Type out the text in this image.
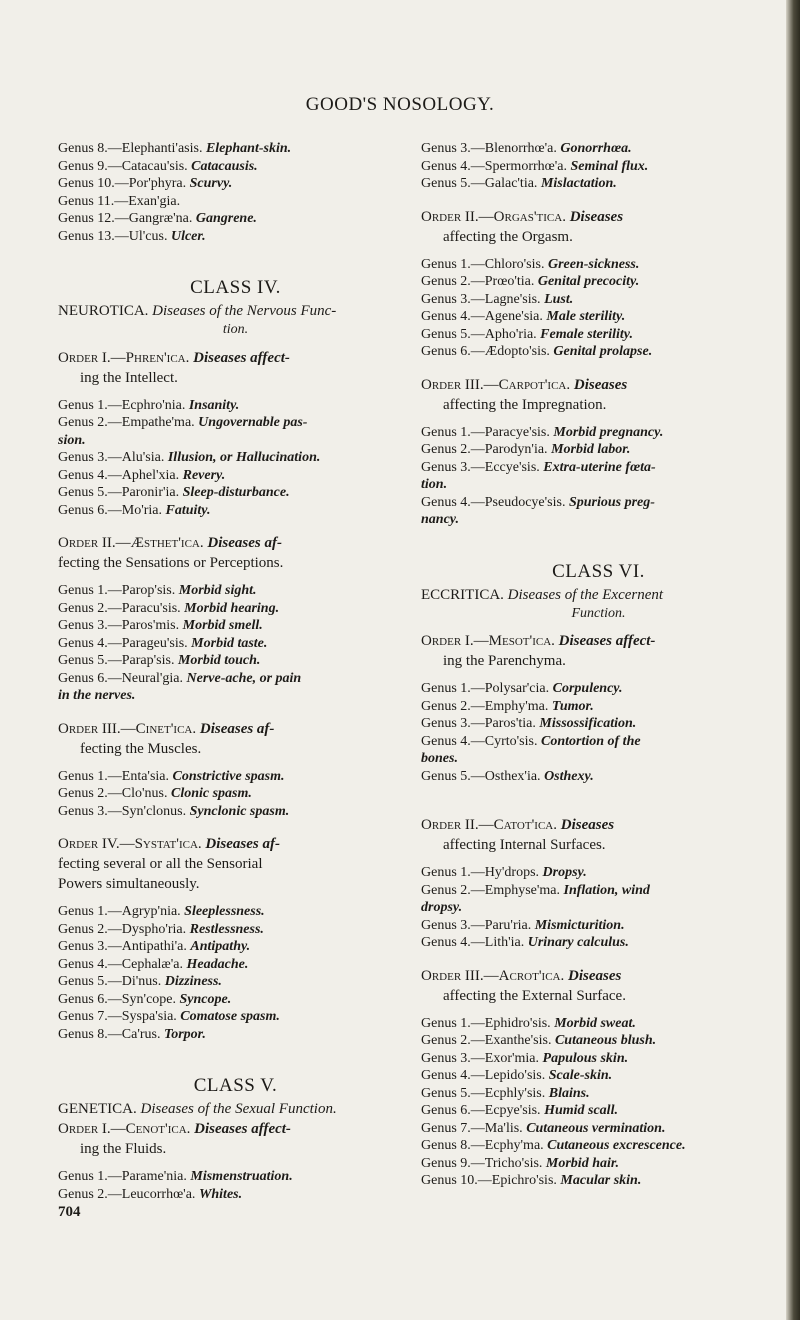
GOOD'S NOSOLOGY.
Genus 8.—Elephanti'asis. Elephant-skin.
Genus 9.—Catacau'sis. Catacausis.
Genus 10.—Por'phyra. Scurvy.
Genus 11.—Exan'gia.
Genus 12.—Gangræ'na. Gangrene.
Genus 13.—Ul'cus. Ulcer.
CLASS IV.
NEUROTICA. Diseases of the Nervous Func-
tion.
Order I.—Phren'ica. Diseases affect-
ing the Intellect.
Genus 1.—Ecphro'nia. Insanity.
Genus 2.—Empathe'ma. Ungovernable pas-
sion.
Genus 3.—Alu'sia. Illusion, or Hallucination.
Genus 4.—Aphel'xia. Revery.
Genus 5.—Paronir'ia. Sleep-disturbance.
Genus 6.—Mo'ria. Fatuity.
Order II.—Æsthet'ica. Diseases af-
fecting the Sensations or Perceptions.
Genus 1.—Parop'sis. Morbid sight.
Genus 2.—Paracu'sis. Morbid hearing.
Genus 3.—Paros'mis. Morbid smell.
Genus 4.—Parageu'sis. Morbid taste.
Genus 5.—Parap'sis. Morbid touch.
Genus 6.—Neural'gia. Nerve-ache, or pain
in the nerves.
Order III.—Cinet'ica. Diseases af-
fecting the Muscles.
Genus 1.—Enta'sia. Constrictive spasm.
Genus 2.—Clo'nus. Clonic spasm.
Genus 3.—Syn'clonus. Synclonic spasm.
Order IV.—Systat'ica. Diseases af-
fecting several or all the Sensorial
Powers simultaneously.
Genus 1.—Agryp'nia. Sleeplessness.
Genus 2.—Dyspho'ria. Restlessness.
Genus 3.—Antipathi'a. Antipathy.
Genus 4.—Cephalæ'a. Headache.
Genus 5.—Di'nus. Dizziness.
Genus 6.—Syn'cope. Syncope.
Genus 7.—Syspa'sia. Comatose spasm.
Genus 8.—Ca'rus. Torpor.
CLASS V.
GENETICA. Diseases of the Sexual Function.
Order I.—Cenot'ica. Diseases affect-
ing the Fluids.
Genus 1.—Parame'nia. Mismenstruation.
Genus 2.—Leucorrhœ'a. Whites.
704
Genus 3.—Blenorrhœ'a. Gonorrhœa.
Genus 4.—Spermorrhœ'a. Seminal flux.
Genus 5.—Galac'tia. Mislactation.
Order II.—Orgas'tica. Diseases
affecting the Orgasm.
Genus 1.—Chloro'sis. Green-sickness.
Genus 2.—Prœo'tia. Genital precocity.
Genus 3.—Lagne'sis. Lust.
Genus 4.—Agene'sia. Male sterility.
Genus 5.—Apho'ria. Female sterility.
Genus 6.—Ædopto'sis. Genital prolapse.
Order III.—Carpot'ica. Diseases
affecting the Impregnation.
Genus 1.—Paracye'sis. Morbid pregnancy.
Genus 2.—Parodyn'ia. Morbid labor.
Genus 3.—Eccye'sis. Extra-uterine fœta-
tion.
Genus 4.—Pseudocye'sis. Spurious preg-
nancy.
CLASS VI.
ECCRITICA. Diseases of the Excernent
Function.
Order I.—Mesot'ica. Diseases affect-
ing the Parenchyma.
Genus 1.—Polysar'cia. Corpulency.
Genus 2.—Emphy'ma. Tumor.
Genus 3.—Paros'tia. Missossification.
Genus 4.—Cyrto'sis. Contortion of the
bones.
Genus 5.—Osthex'ia. Osthexy.
Order II.—Catot'ica. Diseases
affecting Internal Surfaces.
Genus 1.—Hy'drops. Dropsy.
Genus 2.—Emphyse'ma. Inflation, wind
dropsy.
Genus 3.—Paru'ria. Mismicturition.
Genus 4.—Lith'ia. Urinary calculus.
Order III.—Acrot'ica. Diseases
affecting the External Surface.
Genus 1.—Ephidro'sis. Morbid sweat.
Genus 2.—Exanthe'sis. Cutaneous blush.
Genus 3.—Exor'mia. Papulous skin.
Genus 4.—Lepido'sis. Scale-skin.
Genus 5.—Ecphly'sis. Blains.
Genus 6.—Ecpye'sis. Humid scall.
Genus 7.—Ma'lis. Cutaneous vermination.
Genus 8.—Ecphy'ma. Cutaneous excrescence.
Genus 9.—Tricho'sis. Morbid hair.
Genus 10.—Epichro'sis. Macular skin.
